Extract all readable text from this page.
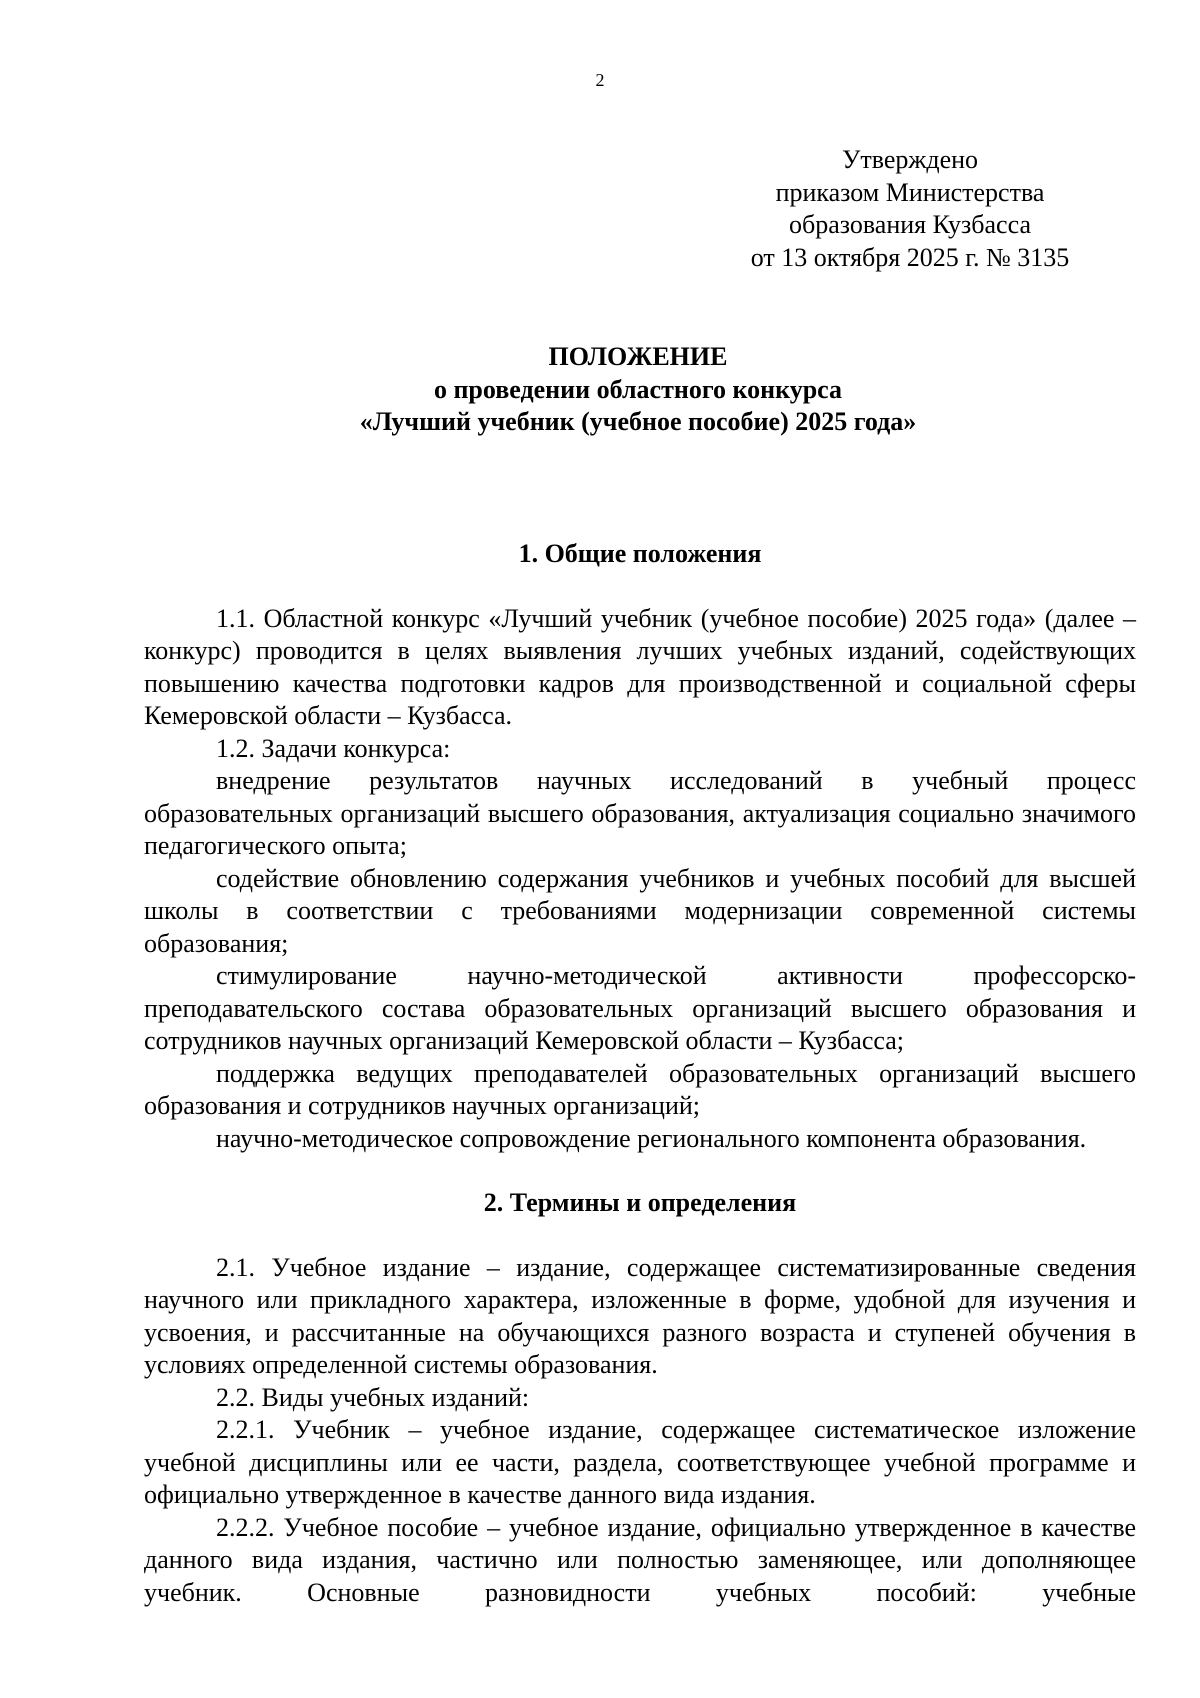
2
Утверждено
приказом Министерства
образования Кузбасса
от 13 октября 2025 г. № 3135
ПОЛОЖЕНИЕ
о проведении областного конкурса
«Лучший учебник (учебное пособие) 2025 года»

1. Общие положения

1.1. Областной конкурс «Лучший учебник (учебное пособие) 2025 года» (далее – конкурс) проводится в целях выявления лучших учебных изданий, содействующих повышению качества подготовки кадров для производственной и социальной сферы Кемеровской области – Кузбасса.

1.2. Задачи конкурса:

внедрение результатов научных исследований в учебный процесс образовательных организаций высшего образования, актуализация социально значимого педагогического опыта;

содействие обновлению содержания учебников и учебных пособий для высшей школы в соответствии с требованиями модернизации современной системы образования;

стимулирование научно-методической активности профессорско-преподавательского состава образовательных организаций высшего образования и сотрудников научных организаций Кемеровской области – Кузбасса;

поддержка ведущих преподавателей образовательных организаций высшего образования и сотрудников научных организаций;

научно-методическое сопровождение регионального компонента образования.

2. Термины и определения

2.1. Учебное издание – издание, содержащее систематизированные сведения научного или прикладного характера, изложенные в форме, удобной для изучения и усвоения, и рассчитанные на обучающихся разного возраста и ступеней обучения в условиях определенной системы образования.

2.2. Виды учебных изданий:

2.2.1. Учебник – учебное издание, содержащее систематическое изложение учебной дисциплины или ее части, раздела, соответствующее учебной программе и официально утвержденное в качестве данного вида издания.

2.2.2. Учебное пособие – учебное издание, официально утвержденное в качестве данного вида издания, частично или полностью заменяющее, или дополняющее учебник. Основные разновидности учебных пособий: учебные
